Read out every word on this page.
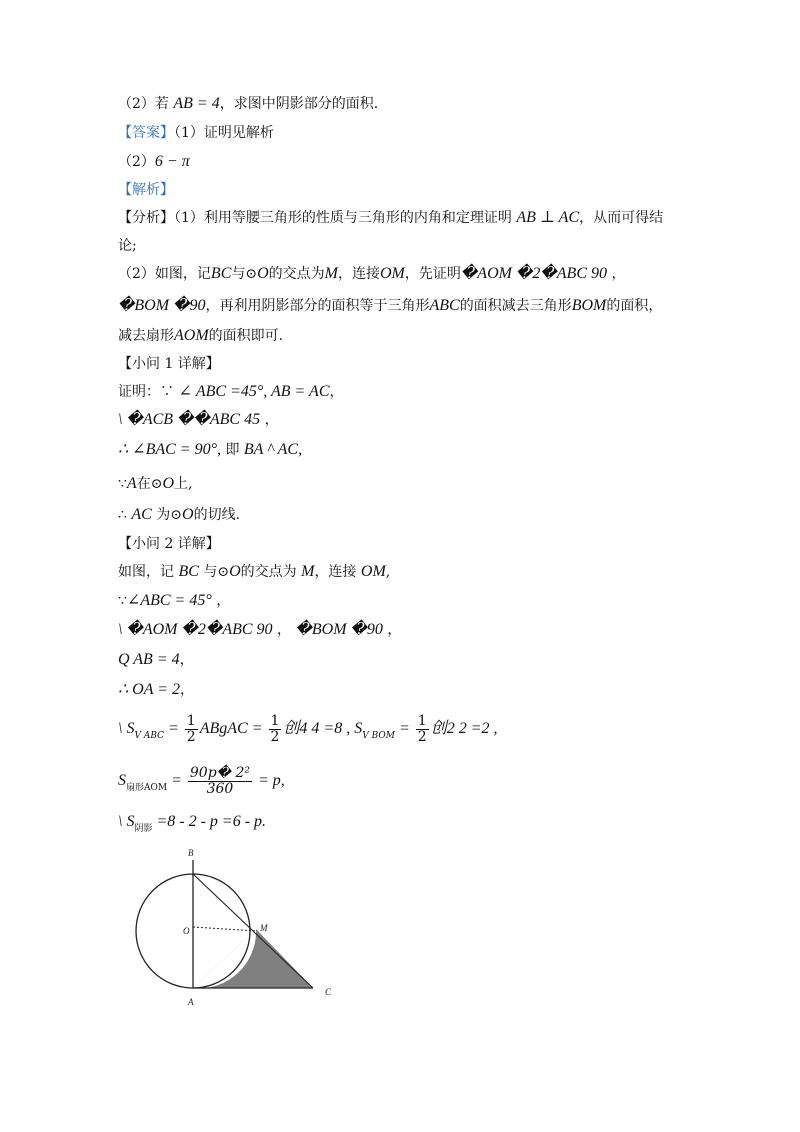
（2）若 AB = 4，求图中阴影部分的面积.
【答案】（1）证明见解析
（2）6 − π
【解析】
【分析】（1）利用等腰三角形的性质与三角形的内角和定理证明 AB ⊥ AC，从而可得结
论;
（2）如图，记BC与⊙O的交点为M，连接OM，先证明�AOM �2�ABC 90 ，
�BOM �90，再利用阴影部分的面积等于三角形ABC的面积减去三角形BOM的面积，
减去扇形AOM的面积即可.
【小问 1 详解】
证明：∵ ∠ ABC =45°, AB = AC，
\ �ACB ��ABC 45 ，
∴ ∠BAC = 90°, 即 BA ^ AC,
∵A在⊙O上,
∴ AC 为⊙O的切线.
【小问 2 详解】
如图，记 BC 与⊙O的交点为 M，连接 OM,
∵∠ABC = 45° ，
\ �AOM �2�ABC 90 ， �BOM �90 ，
Q AB = 4，
∴ OA = 2，
\ $S_{V ABC} = \frac{1}{2}$ ABgAC = $\frac{1}{2}$ 创4 4 =8 , $S_{V BOM} = \frac{1}{2}$ 创2 2 =2 ,
$S_{扇形AOM} = \frac{\text{90p� 2²}}{360} = p$,
\ $S_{阴影} =8 - 2 - p =6 - p$.
B
O	M
A
C
